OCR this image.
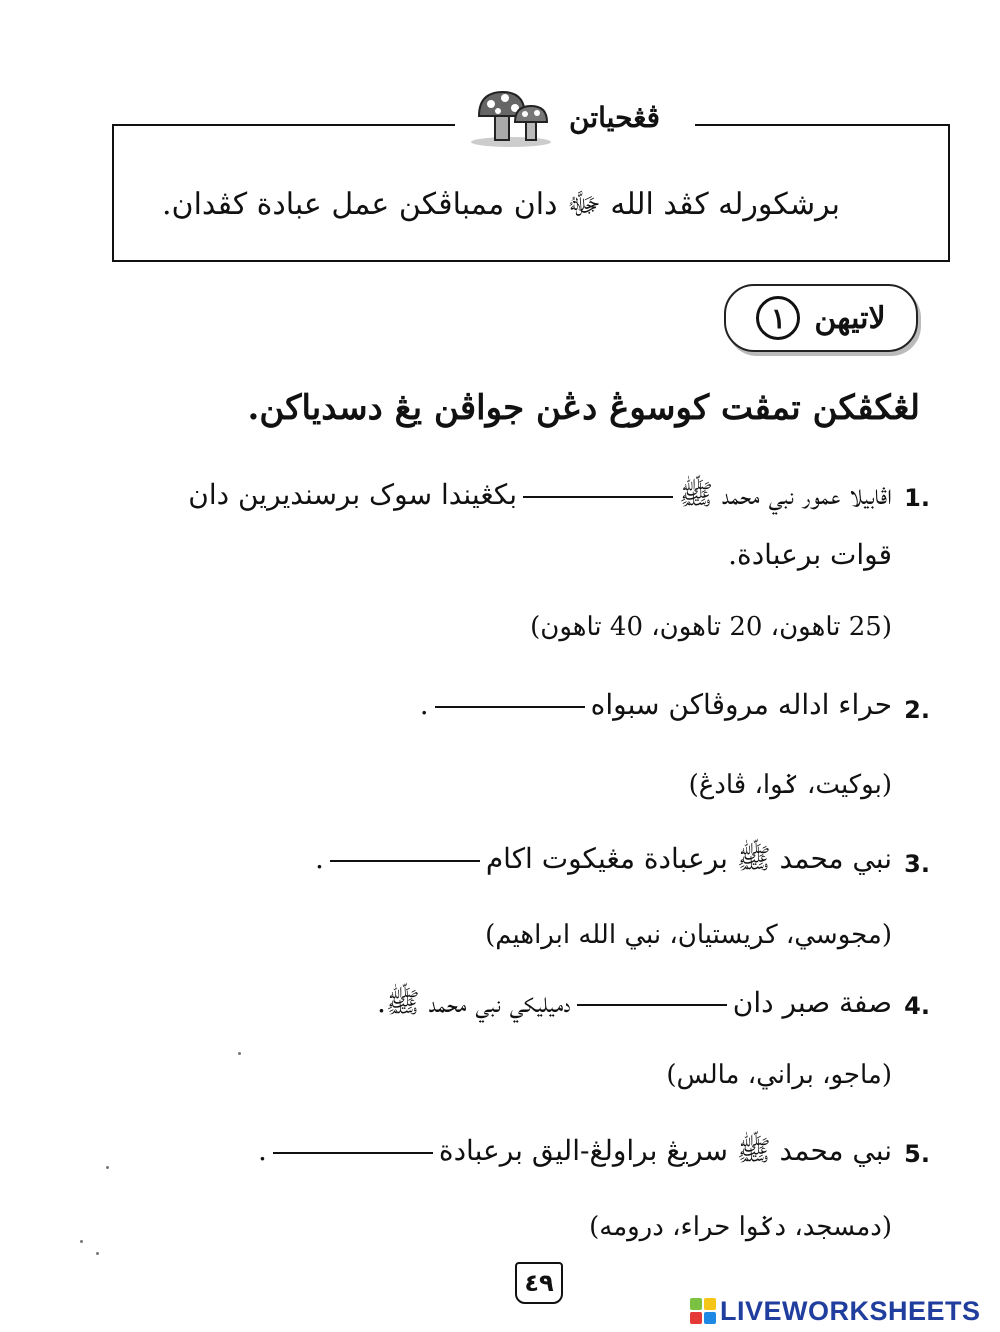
ڤڠحياتن
برشكورله كڤد الله ﷻ دان ممباڤكن عمل عبادة كڤدان.
لاتيهن
١
لڠكڤكن تمڤت كوسوڠ دڠن جواڤن يڠ دسدياكن.
1.
اڤابيلا عمور نبي محمد ﷺبكڠيندا سوک برسنديرين دان
قوات برعبادة.
(25 تاهون، 20 تاهون، 40 تاهون)
2.
حراء اداله مروڤاکن سبواه.
(بوكيت، ݢوا، ڤادڠ)
3.
نبي محمد ﷺ برعبادة مڠيكوت اكام.
(مجوسي، كريستيان، نبي الله ابراهيم)
4.
صفة صبر داندميليكي نبي محمد ﷺ.
(ماجو، براني، مالس)
5.
نبي محمد ﷺ سريڠ براولڠ-اليق برعبادة.
(دمسجد، دݢوا حراء، درومه)
٤٩
LIVEWORKSHEETS
